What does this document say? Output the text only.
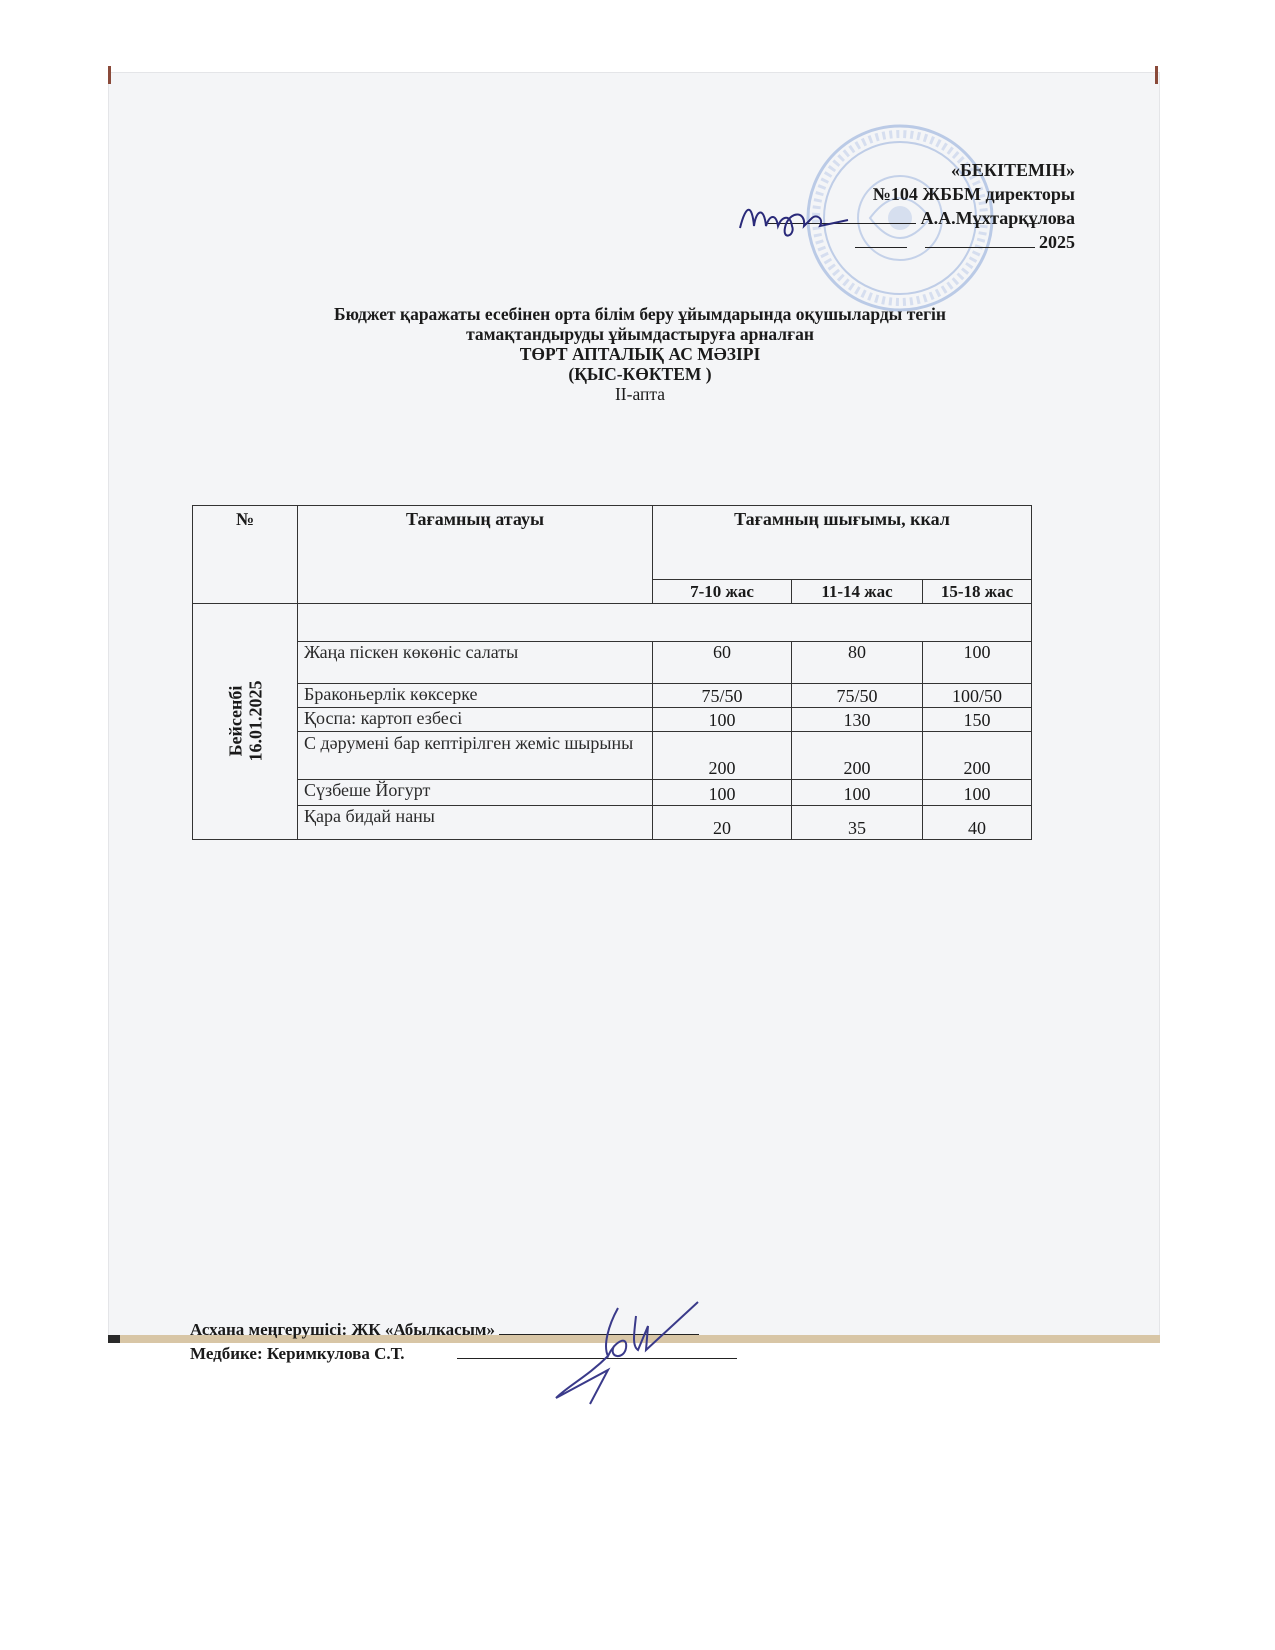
«БЕКІТЕМІН»
№104 ЖББМ директоры
А.А.Мұхтарқұлова
2025
Бюджет қаражаты есебінен орта білім беру ұйымдарында оқушыларды тегін
тамақтандыруды ұйымдастыруға арналған
ТӨРТ АПТАЛЫҚ АС МӘЗІРІ
(ҚЫС-КӨКТЕМ )
II-апта
№	Тағамның атауы	Тағамның шығымы, ккал		
		7-10 жас	11-14 жас	15-18 жас

Бейсенбі 16.01.2025				

	Жаңа піскен көкөніс салаты	60	80	100
	Браконьерлік көксерке	75/50	75/50	100/50
	Қоспа: картоп езбесі	100	130	150
	С дәрумені бар кептірілген жеміс шырыны	200	200	200
	Сүзбеше Йогурт	100	100	100
	Қара бидай наны	20	35	40
Асхана меңгерушісі: ЖК «Абылкасым»
Медбике: Керимкулова С.Т.
